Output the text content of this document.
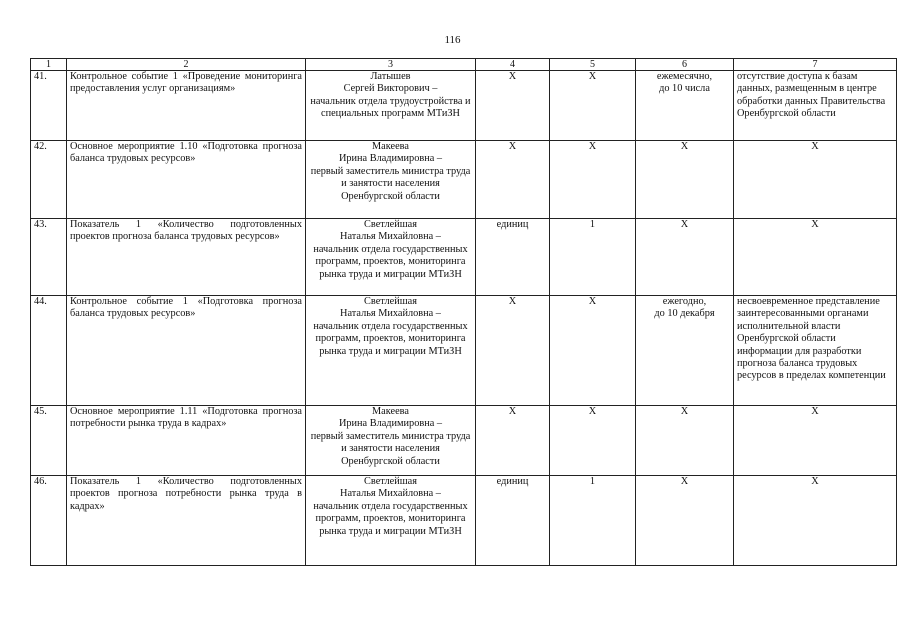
116
1	2	3	4	5	6	7
41.	Контрольное событие 1 «Проведение мониторинга предоставления услуг организациям»	Латышев
Сергей Викторович –
начальник отдела трудоустройства и специальных программ МТиЗН	X	X	ежемесячно,
до 10 числа	отсутствие доступа к базам данных, размещенным в центре обработки данных Правительства Оренбургской области
42.	Основное мероприятие 1.10 «Подготовка прогноза баланса трудовых ресурсов»	Макеева
Ирина Владимировна –
первый заместитель министра труда и занятости населения Оренбургской области	X	X	X	X
43.	Показатель 1 «Количество подготовленных проектов прогноза баланса трудовых ресурсов»	Светлейшая
Наталья Михайловна –
начальник отдела государственных программ, проектов, мониторинга рынка труда и миграции МТиЗН	единиц	1	X	X
44.	Контрольное событие 1 «Подготовка прогноза баланса трудовых ресурсов»	Светлейшая
Наталья Михайловна –
начальник отдела государственных программ, проектов, мониторинга рынка труда и миграции МТиЗН	X	X	ежегодно,
до 10 декабря	несвоевременное представление заинтересованными органами исполнительной власти Оренбургской области информации для разработки прогноза баланса трудовых ресурсов в пределах компетенции
45.	Основное мероприятие 1.11 «Подготовка прогноза потребности рынка труда в кадрах»	Макеева
Ирина Владимировна –
первый заместитель министра труда и занятости населения Оренбургской области	X	X	X	X
46.	Показатель 1 «Количество подготовленных проектов прогноза потребности рынка труда в кадрах»	Светлейшая
Наталья Михайловна –
начальник отдела государственных программ, проектов, мониторинга рынка труда и миграции МТиЗН	единиц	1	X	X
